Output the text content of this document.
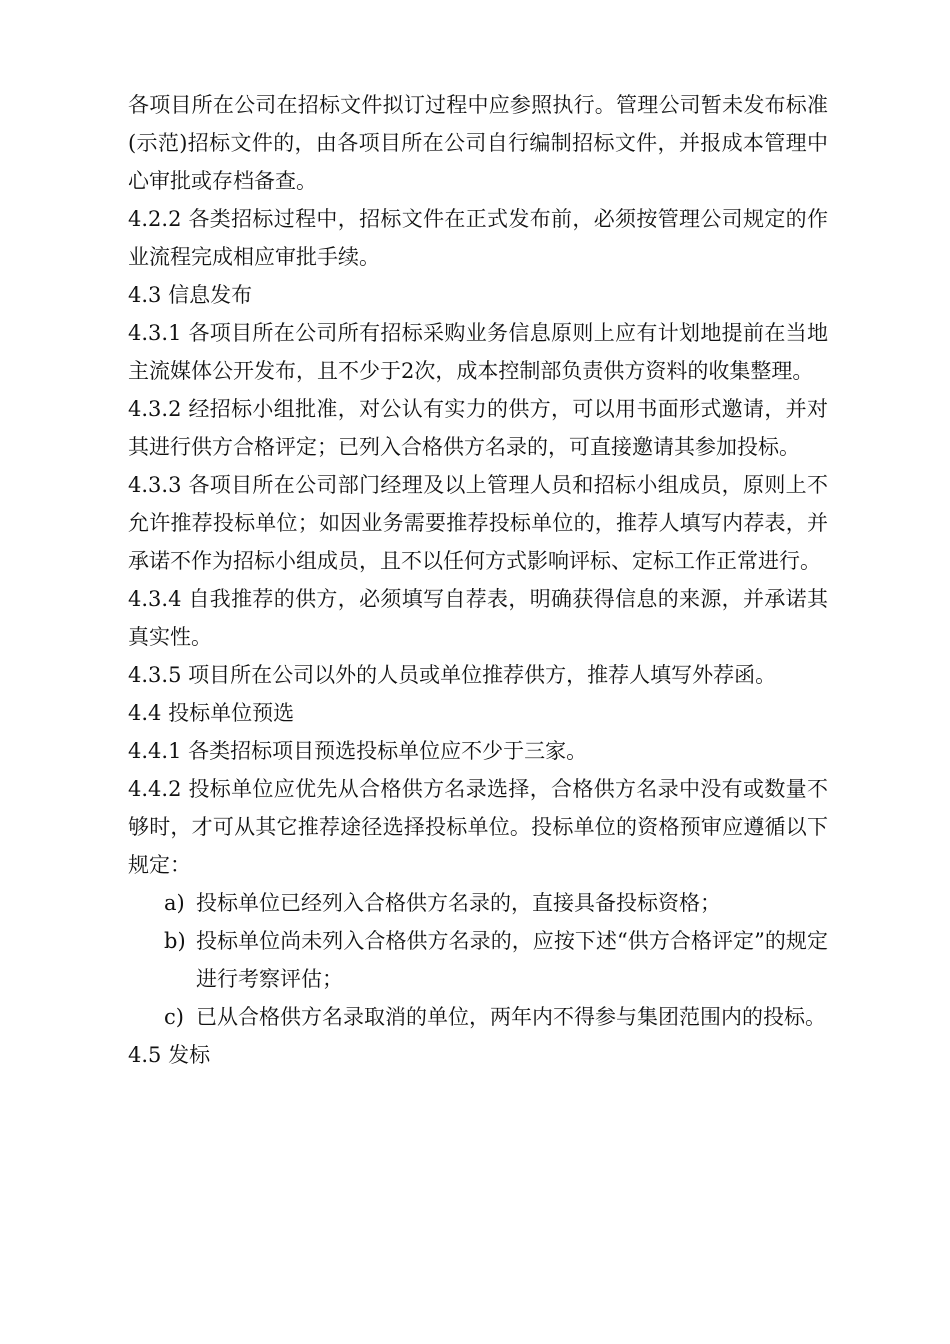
各项目所在公司在招标文件拟订过程中应参照执行。管理公司暂未发布标准(示范)招标文件的，由各项目所在公司自行编制招标文件，并报成本管理中心审批或存档备查。

4.2.2 各类招标过程中，招标文件在正式发布前，必须按管理公司规定的作业流程完成相应审批手续。

4.3 信息发布

4.3.1 各项目所在公司所有招标采购业务信息原则上应有计划地提前在当地主流媒体公开发布，且不少于2次，成本控制部负责供方资料的收集整理。

4.3.2 经招标小组批准，对公认有实力的供方，可以用书面形式邀请，并对其进行供方合格评定；已列入合格供方名录的，可直接邀请其参加投标。

4.3.3 各项目所在公司部门经理及以上管理人员和招标小组成员，原则上不允许推荐投标单位；如因业务需要推荐投标单位的，推荐人填写内荐表，并承诺不作为招标小组成员，且不以任何方式影响评标、定标工作正常进行。

4.3.4 自我推荐的供方，必须填写自荐表，明确获得信息的来源，并承诺其真实性。

4.3.5 项目所在公司以外的人员或单位推荐供方，推荐人填写外荐函。

4.4 投标单位预选

4.4.1 各类招标项目预选投标单位应不少于三家。

4.4.2 投标单位应优先从合格供方名录选择，合格供方名录中没有或数量不够时，才可从其它推荐途径选择投标单位。投标单位的资格预审应遵循以下规定：

a) 投标单位已经列入合格供方名录的，直接具备投标资格；
b) 投标单位尚未列入合格供方名录的，应按下述“供方合格评定”的规定进行考察评估；
c) 已从合格供方名录取消的单位，两年内不得参与集团范围内的投标。

4.5 发标
